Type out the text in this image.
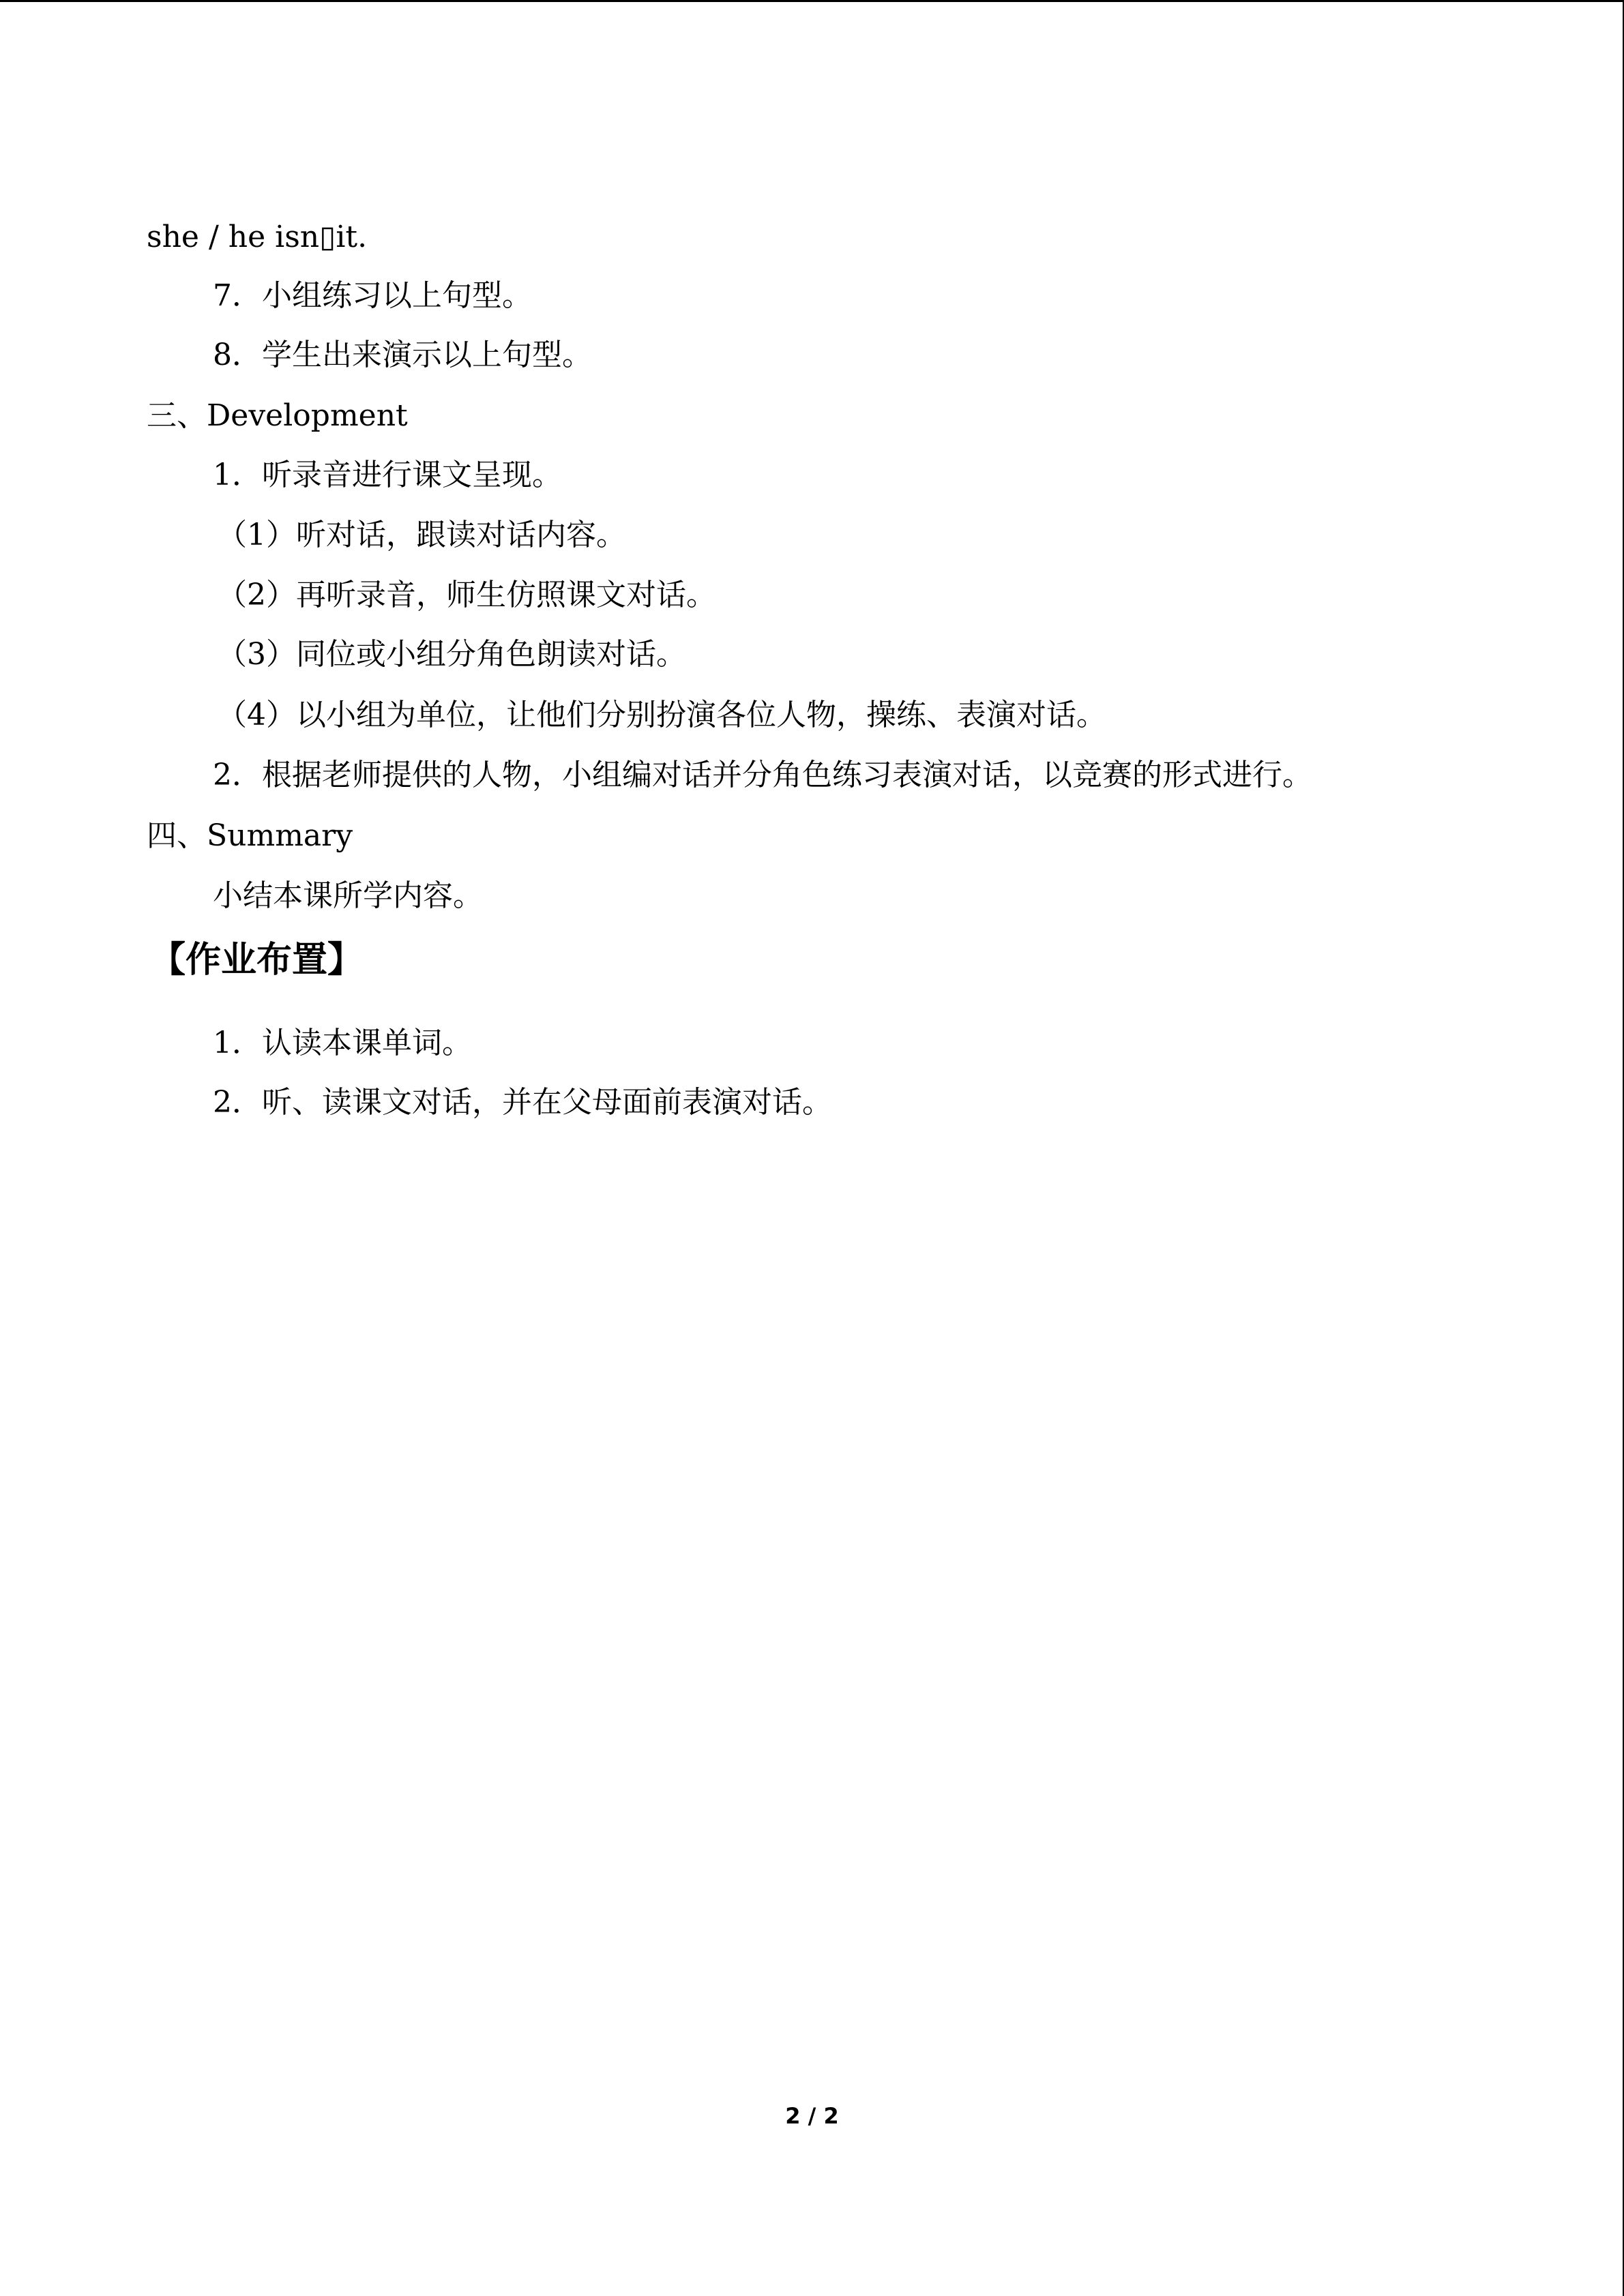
she / he isn▯it.
7．小组练习以上句型。
8．学生出来演示以上句型。
三、Development
1．听录音进行课文呈现。
（1）听对话，跟读对话内容。
（2）再听录音，师生仿照课文对话。
（3）同位或小组分角色朗读对话。
（4）以小组为单位，让他们分别扮演各位人物，操练、表演对话。
2．根据老师提供的人物，小组编对话并分角色练习表演对话，以竞赛的形式进行。
四、Summary
小结本课所学内容。
【作业布置】
1．认读本课单词。
2．听、读课文对话，并在父母面前表演对话。
2 / 2
